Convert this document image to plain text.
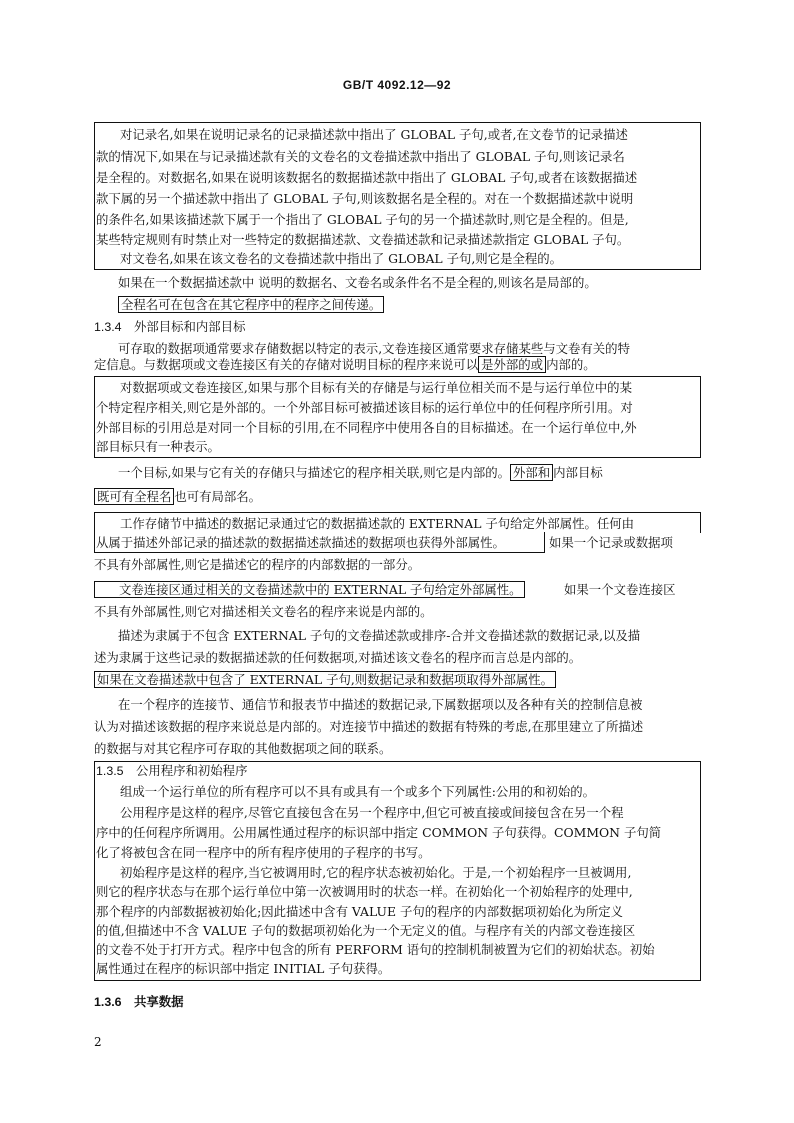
GB/T 4092.12—92
对记录名,如果在说明记录名的记录描述款中指出了 GLOBAL 子句,或者,在文卷节的记录描述
款的情况下,如果在与记录描述款有关的文卷名的文卷描述款中指出了 GLOBAL 子句,则该记录名
是全程的。对数据名,如果在说明该数据名的数据描述款中指出了 GLOBAL 子句,或者在该数据描述
款下属的另一个描述款中指出了 GLOBAL 子句,则该数据名是全程的。对在一个数据描述款中说明
的条件名,如果该描述款下属于一个指出了 GLOBAL 子句的另一个描述款时,则它是全程的。但是,
某些特定规则有时禁止对一些特定的数据描述款、文卷描述款和记录描述款指定 GLOBAL 子句。
对文卷名,如果在该文卷名的文卷描述款中指出了 GLOBAL 子句,则它是全程的。
如果在一个数据描述款中 说明的数据名、文卷名或条件名不是全程的,则该名是局部的。
全程名可在包含在其它程序中的程序之间传递。
1.3.4　外部目标和内部目标
可存取的数据项通常要求存储数据以特定的表示,文卷连接区通常要求存储某些与文卷有关的特
定信息。与数据项或文卷连接区有关的存储对说明目标的程序来说可以 是外部的或 内部的。
对数据项或文卷连接区,如果与那个目标有关的存储是与运行单位相关而不是与运行单位中的某
个特定程序相关,则它是外部的。一个外部目标可被描述该目标的运行单位中的任何程序所引用。对
外部目标的引用总是对同一个目标的引用,在不同程序中使用各自的目标描述。在一个运行单位中,外
部目标只有一种表示。
一个目标,如果与它有关的存储只与描述它的程序相关联,则它是内部的。 外部和 内部目标
既可有全程名 也可有局部名。
工作存储节中描述的数据记录通过它的数据描述款的 EXTERNAL 子句给定外部属性。任何由
从属于描述外部记录的描述款的数据描述款描述的数据项也获得外部属性。	如果一个记录或数据项
不具有外部属性,则它是描述它的程序的内部数据的一部分。
文卷连接区通过相关的文卷描述款中的 EXTERNAL 子句给定外部属性。	如果一个文卷连接区
不具有外部属性,则它对描述相关文卷名的程序来说是内部的。
描述为隶属于不包含 EXTERNAL 子句的文卷描述款或排序-合并文卷描述款的数据记录,以及描
述为隶属于这些记录的数据描述款的任何数据项,对描述该文卷名的程序而言总是内部的。
如果在文卷描述款中包含了 EXTERNAL 子句,则数据记录和数据项取得外部属性。
在一个程序的连接节、通信节和报表节中描述的数据记录,下属数据项以及各种有关的控制信息被
认为对描述该数据的程序来说总是内部的。对连接节中描述的数据有特殊的考虑,在那里建立了所描述
的数据与对其它程序可存取的其他数据项之间的联系。
1.3.5　公用程序和初始程序
组成一个运行单位的所有程序可以不具有或具有一个或多个下列属性:公用的和初始的。
公用程序是这样的程序,尽管它直接包含在另一个程序中,但它可被直接或间接包含在另一个程
序中的任何程序所调用。公用属性通过程序的标识部中指定 COMMON 子句获得。COMMON 子句简
化了将被包含在同一程序中的所有程序使用的子程序的书写。
初始程序是这样的程序,当它被调用时,它的程序状态被初始化。于是,一个初始程序一旦被调用,
则它的程序状态与在那个运行单位中第一次被调用时的状态一样。在初始化一个初始程序的处理中,
那个程序的内部数据被初始化;因此描述中含有 VALUE 子句的程序的内部数据项初始化为所定义
的值,但描述中不含 VALUE 子句的数据项初始化为一个无定义的值。与程序有关的内部文卷连接区
的文卷不处于打开方式。程序中包含的所有 PERFORM 语句的控制机制被置为它们的初始状态。初始
属性通过在程序的标识部中指定 INITIAL 子句获得。
1.3.6　共享数据
2
